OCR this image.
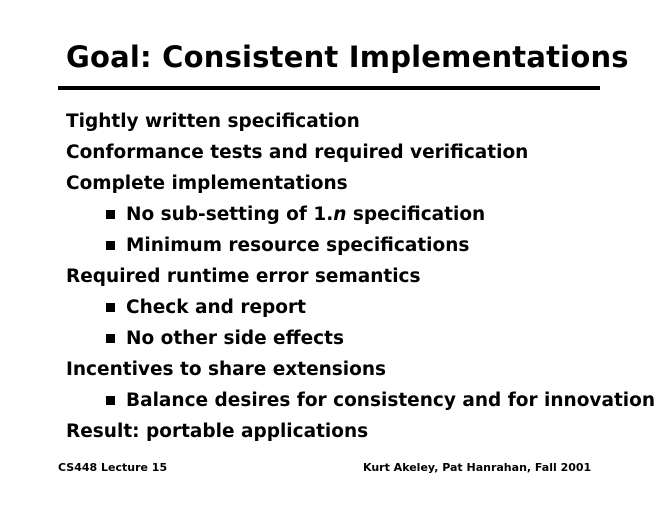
Goal: Consistent Implementations
Tightly written specification
Conformance tests and required verification
Complete implementations
No sub-setting of 1.n specification
Minimum resource specifications
Required runtime error semantics
Check and report
No other side effects
Incentives to share extensions
Balance desires for consistency and for innovation
Result: portable applications
CS448 Lecture 15	Kurt Akeley, Pat Hanrahan, Fall 2001
